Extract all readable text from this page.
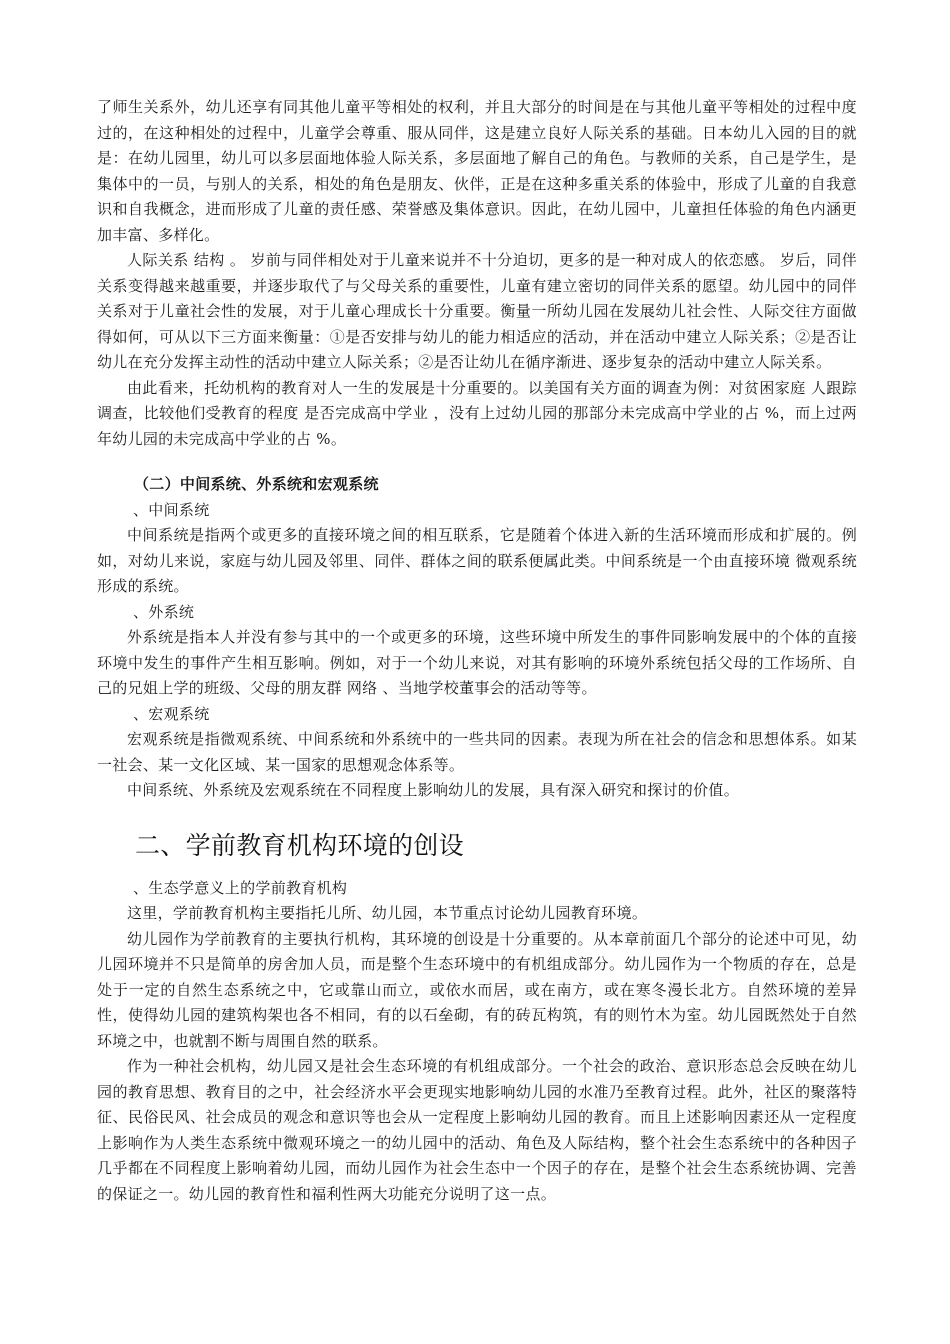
了师生关系外，幼儿还享有同其他儿童平等相处的权利，并且大部分的时间是在与其他儿童平等相处的过程中度过的，在这种相处的过程中，儿童学会尊重、服从同伴，这是建立良好人际关系的基础。日本幼儿入园的目的就是：在幼儿园里，幼儿可以多层面地体验人际关系，多层面地了解自己的角色。与教师的关系，自己是学生，是集体中的一员，与别人的关系，相处的角色是朋友、伙伴，正是在这种多重关系的体验中，形成了儿童的自我意识和自我概念，进而形成了儿童的责任感、荣誉感及集体意识。因此，在幼儿园中，儿童担任体验的角色内涵更加丰富、多样化。

人际关系 结构 。 岁前与同伴相处对于儿童来说并不十分迫切，更多的是一种对成人的依恋感。 岁后，同伴关系变得越来越重要，并逐步取代了与父母关系的重要性，儿童有建立密切的同伴关系的愿望。幼儿园中的同伴关系对于儿童社会性的发展，对于儿童心理成长十分重要。衡量一所幼儿园在发展幼儿社会性、人际交往方面做得如何，可从以下三方面来衡量：①是否安排与幼儿的能力相适应的活动，并在活动中建立人际关系；②是否让幼儿在充分发挥主动性的活动中建立人际关系；②是否让幼儿在循序渐进、逐步复杂的活动中建立人际关系。

由此看来，托幼机构的教育对人一生的发展是十分重要的。以美国有关方面的调查为例：对贫困家庭 人跟踪调查，比较他们受教育的程度 是否完成高中学业 ，没有上过幼儿园的那部分未完成高中学业的占 %，而上过两年幼儿园的未完成高中学业的占 %。

（二）中间系统、外系统和宏观系统

、中间系统

中间系统是指两个或更多的直接环境之间的相互联系，它是随着个体进入新的生活环境而形成和扩展的。例如，对幼儿来说，家庭与幼儿园及邻里、同伴、群体之间的联系便属此类。中间系统是一个由直接环境 微观系统 形成的系统。

、外系统

外系统是指本人并没有参与其中的一个或更多的环境，这些环境中所发生的事件同影响发展中的个体的直接环境中发生的事件产生相互影响。例如，对于一个幼儿来说，对其有影响的环境外系统包括父母的工作场所、自己的兄姐上学的班级、父母的朋友群 网络 、当地学校董事会的活动等等。

、宏观系统

宏观系统是指微观系统、中间系统和外系统中的一些共同的因素。表现为所在社会的信念和思想体系。如某一社会、某一文化区域、某一国家的思想观念体系等。

中间系统、外系统及宏观系统在不同程度上影响幼儿的发展，具有深入研究和探讨的价值。

二、学前教育机构环境的创设

、生态学意义上的学前教育机构

这里，学前教育机构主要指托儿所、幼儿园，本节重点讨论幼儿园教育环境。

幼儿园作为学前教育的主要执行机构，其环境的创设是十分重要的。从本章前面几个部分的论述中可见，幼儿园环境并不只是简单的房舍加人员，而是整个生态环境中的有机组成部分。幼儿园作为一个物质的存在，总是处于一定的自然生态系统之中，它或靠山而立，或依水而居，或在南方，或在寒冬漫长北方。自然环境的差异性，使得幼儿园的建筑构架也各不相同，有的以石垒砌，有的砖瓦构筑，有的则竹木为室。幼儿园既然处于自然环境之中，也就割不断与周围自然的联系。

作为一种社会机构，幼儿园又是社会生态环境的有机组成部分。一个社会的政治、意识形态总会反映在幼儿园的教育思想、教育目的之中，社会经济水平会更现实地影响幼儿园的水准乃至教育过程。此外，社区的聚落特征、民俗民风、社会成员的观念和意识等也会从一定程度上影响幼儿园的教育。而且上述影响因素还从一定程度上影响作为人类生态系统中微观环境之一的幼儿园中的活动、角色及人际结构，整个社会生态系统中的各种因子几乎都在不同程度上影响着幼儿园，而幼儿园作为社会生态中一个因子的存在，是整个社会生态系统协调、完善的保证之一。幼儿园的教育性和福利性两大功能充分说明了这一点。
